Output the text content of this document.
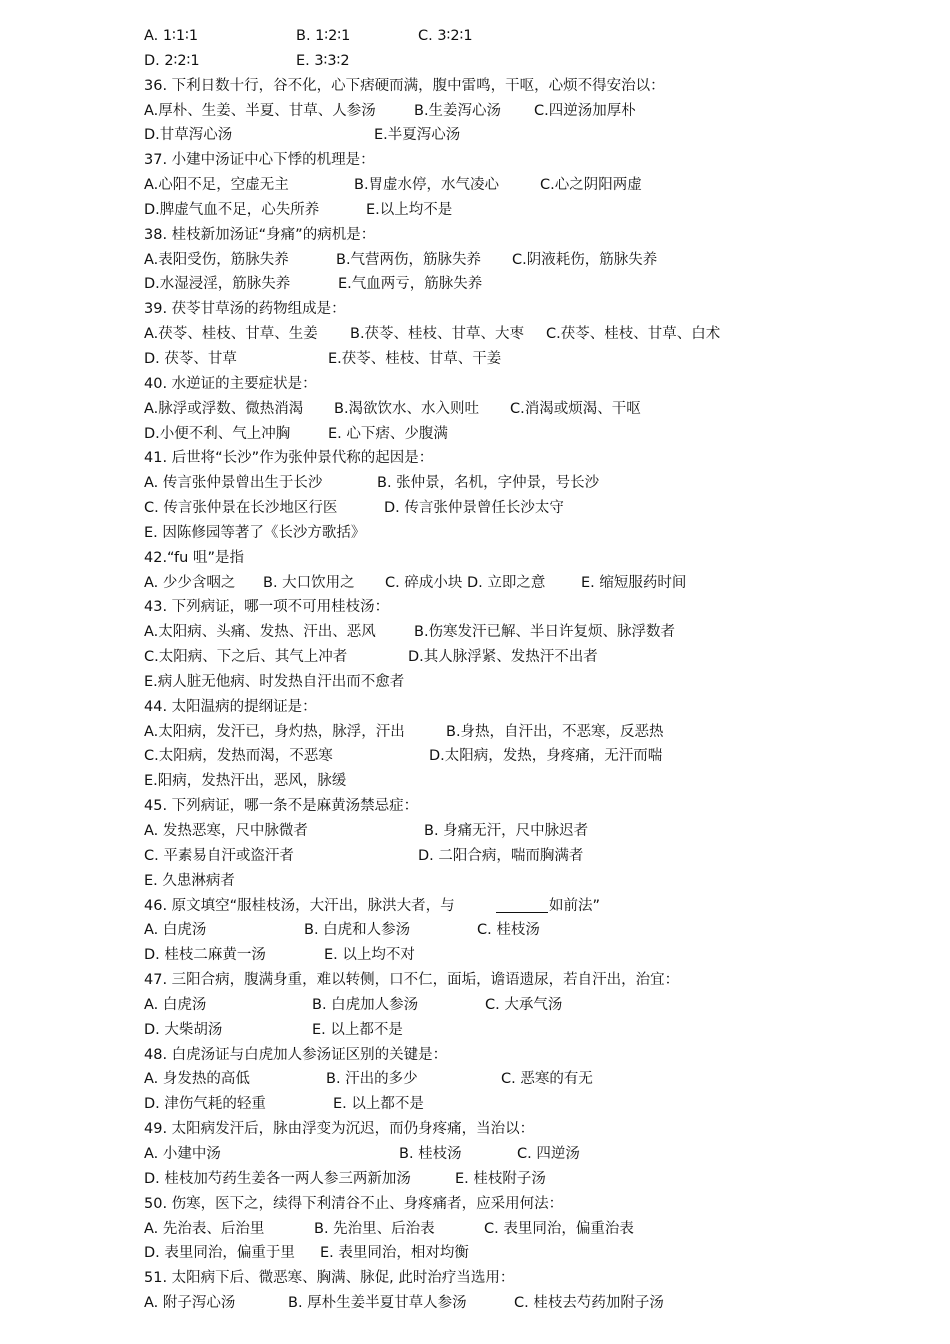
A. 1∶1∶1	B. 1∶2∶1	C. 3∶2∶1
D. 2∶2∶1	E. 3∶3∶2
36. 下利日数十行，谷不化，心下痞硬而满，腹中雷鸣，干呕，心烦不得安治以：
A.厚朴、生姜、半夏、甘草、人参汤	B.生姜泻心汤 C.四逆汤加厚朴
D.甘草泻心汤	E.半夏泻心汤
37. 小建中汤证中心下悸的机理是：
A.心阳不足，空虚无主	B.胃虚水停，水气凌心	C.心之阴阳两虚
D.脾虚气血不足，心失所养	E.以上均不是
38. 桂枝新加汤证“身痛”的病机是：
A.表阳受伤，筋脉失养	B.气营两伤，筋脉失养 C.阴液耗伤，筋脉失养
D.水湿浸淫，筋脉失养	E.气血两亏，筋脉失养
39. 茯苓甘草汤的药物组成是：
A.茯苓、桂枝、甘草、生姜 B.茯苓、桂枝、甘草、大枣 C.茯苓、桂枝、甘草、白术
D. 茯苓、甘草	E.茯苓、桂枝、甘草、干姜
40. 水逆证的主要症状是：
A.脉浮或浮数、微热消渴 B.渴欲饮水、水入则吐 C.消渴或烦渴、干呕
D.小便不利、气上冲胸	E. 心下痞、少腹满
41. 后世将“长沙”作为张仲景代称的起因是：
A. 传言张仲景曾出生于长沙	B. 张仲景，名机，字仲景，号长沙
C. 传言张仲景在长沙地区行医	D. 传言张仲景曾任长沙太守
E. 因陈修园等著了《长沙方歌括》
42.“fu 咀”是指
A. 少少含咽之 B. 大口饮用之 C. 碎成小块 D. 立即之意 E. 缩短服药时间
43. 下列病证，哪一项不可用桂枝汤：
A.太阳病、头痛、发热、汗出、恶风	B.伤寒发汗已解、半日许复烦、脉浮数者
C.太阳病、下之后、其气上冲者	D.其人脉浮紧、发热汗不出者
E.病人脏无他病、时发热自汗出而不愈者
44. 太阳温病的提纲证是：
A.太阳病，发汗已，身灼热，脉浮，汗出	B.身热，自汗出，不恶寒，反恶热
C.太阳病，发热而渴，不恶寒	D.太阳病，发热，身疼痛，无汗而喘
E.阳病，发热汗出，恶风，脉缓
45. 下列病证，哪一条不是麻黄汤禁忌症：
A. 发热恶寒，尺中脉微者	B. 身痛无汗，尺中脉迟者
C. 平素易自汗或盗汗者	D. 二阳合病，喘而胸满者
E. 久患淋病者
46. 原文填空“服桂枝汤，大汗出，脉洪大者，与	如前法”
A. 白虎汤	B. 白虎和人参汤	C. 桂枝汤
D. 桂枝二麻黄一汤	E. 以上均不对
47. 三阳合病，腹满身重，难以转侧，口不仁，面垢，谵语遗尿，若自汗出，治宜：
A. 白虎汤	B. 白虎加人参汤	C. 大承气汤
D. 大柴胡汤	E. 以上都不是
48. 白虎汤证与白虎加人参汤证区别的关键是：
A. 身发热的高低	B. 汗出的多少	C. 恶寒的有无
D. 津伤气耗的轻重	E. 以上都不是
49. 太阳病发汗后，脉由浮变为沉迟，而仍身疼痛，当治以：
A. 小建中汤	B. 桂枝汤	C. 四逆汤
D. 桂枝加芍药生姜各一两人参三两新加汤	E. 桂枝附子汤
50. 伤寒，医下之，续得下利清谷不止、身疼痛者，应采用何法：
A. 先治表、后治里	B. 先治里、后治表	C. 表里同治，偏重治表
D. 表里同治，偏重于里 E. 表里同治，相对均衡
51. 太阳病下后、微恶寒、胸满、脉促, 此时治疗当选用：
A. 附子泻心汤	B. 厚朴生姜半夏甘草人参汤	C. 桂枝去芍药加附子汤
